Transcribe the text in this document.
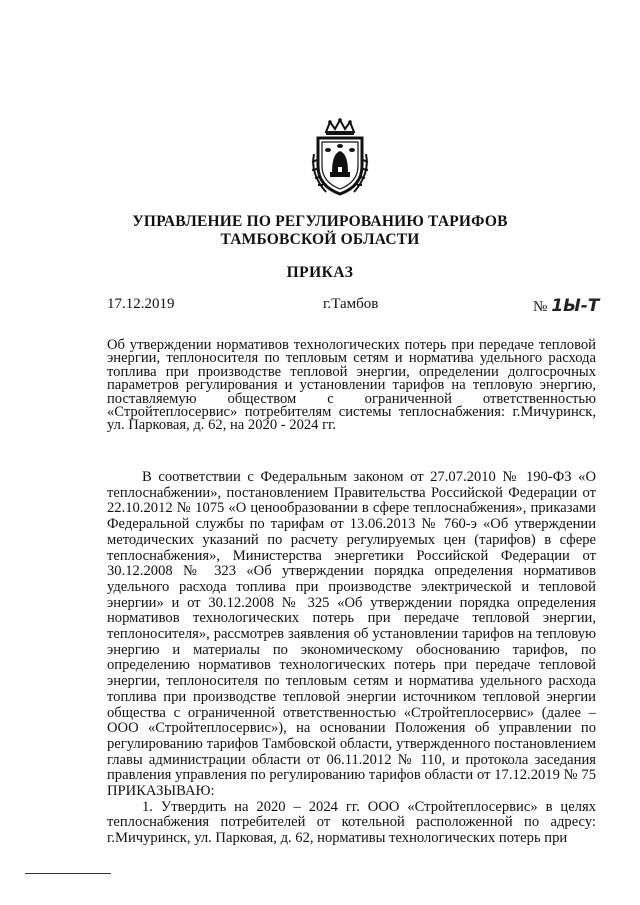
УПРАВЛЕНИЕ ПО РЕГУЛИРОВАНИЮ ТАРИФОВ
ТАМБОВСКОЙ ОБЛАСТИ
ПРИКАЗ
17.12.2019	г.Тамбов	№ 1Ы-Т
Об утверждении нормативов технологических потерь при передаче тепловой энергии, теплоносителя по тепловым сетям и норматива удельного расхода топлива при производстве тепловой энергии, определении долгосрочных параметров регулирования и установлении тарифов на тепловую энергию, поставляемую обществом с ограниченной ответственностью «Стройтеплосервис» потребителям системы теплоснабжения: г.Мичуринск, ул. Парковая, д. 62, на 2020 - 2024 гг.

В соответствии с Федеральным законом от 27.07.2010 № 190-ФЗ «О теплоснабжении», постановлением Правительства Российской Федерации от 22.10.2012 № 1075 «О ценообразовании в сфере теплоснабжения», приказами Федеральной службы по тарифам от 13.06.2013 № 760-э «Об утверждении методических указаний по расчету регулируемых цен (тарифов) в сфере теплоснабжения», Министерства энергетики Российской Федерации от 30.12.2008 № 323 «Об утверждении порядка определения нормативов удельного расхода топлива при производстве электрической и тепловой энергии» и от 30.12.2008 № 325 «Об утверждении порядка определения нормативов технологических потерь при передаче тепловой энергии, теплоносителя», рассмотрев заявления об установлении тарифов на тепловую энергию и материалы по экономическому обоснованию тарифов, по определению нормативов технологических потерь при передаче тепловой энергии, теплоносителя по тепловым сетям и норматива удельного расхода топлива при производстве тепловой энергии источником тепловой энергии общества с ограниченной ответственностью «Стройтеплосервис» (далее – ООО «Стройтеплосервис»), на основании Положения об управлении по регулированию тарифов Тамбовской области, утвержденного постановлением главы администрации области от 06.11.2012 № 110, и протокола заседания правления управления по регулированию тарифов области от 17.12.2019 № 75 ПРИКАЗЫВАЮ:

1. Утвердить на 2020 – 2024 гг. ООО «Стройтеплосервис» в целях теплоснабжения потребителей от котельной расположенной по адресу: г.Мичуринск, ул. Парковая, д. 62, нормативы технологических потерь при
